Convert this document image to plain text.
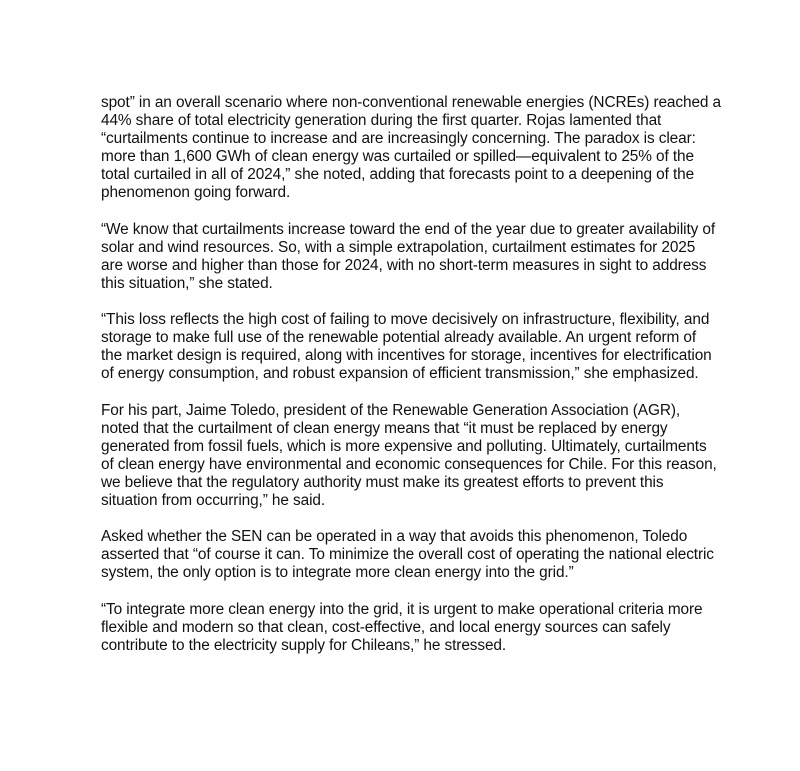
spot” in an overall scenario where non-conventional renewable energies (NCREs) reached a 44% share of total electricity generation during the first quarter. Rojas lamented that “curtailments continue to increase and are increasingly concerning. The paradox is clear: more than 1,600 GWh of clean energy was curtailed or spilled—equivalent to 25% of the total curtailed in all of 2024,” she noted, adding that forecasts point to a deepening of the phenomenon going forward.

“We know that curtailments increase toward the end of the year due to greater availability of solar and wind resources. So, with a simple extrapolation, curtailment estimates for 2025 are worse and higher than those for 2024, with no short-term measures in sight to address this situation,” she stated.

“This loss reflects the high cost of failing to move decisively on infrastructure, flexibility, and storage to make full use of the renewable potential already available. An urgent reform of the market design is required, along with incentives for storage, incentives for electrification of energy consumption, and robust expansion of efficient transmission,” she emphasized.

For his part, Jaime Toledo, president of the Renewable Generation Association (AGR), noted that the curtailment of clean energy means that “it must be replaced by energy generated from fossil fuels, which is more expensive and polluting. Ultimately, curtailments of clean energy have environmental and economic consequences for Chile. For this reason, we believe that the regulatory authority must make its greatest efforts to prevent this situation from occurring,” he said.

Asked whether the SEN can be operated in a way that avoids this phenomenon, Toledo asserted that “of course it can. To minimize the overall cost of operating the national electric system, the only option is to integrate more clean energy into the grid.”

“To integrate more clean energy into the grid, it is urgent to make operational criteria more flexible and modern so that clean, cost-effective, and local energy sources can safely contribute to the electricity supply for Chileans,” he stressed.
